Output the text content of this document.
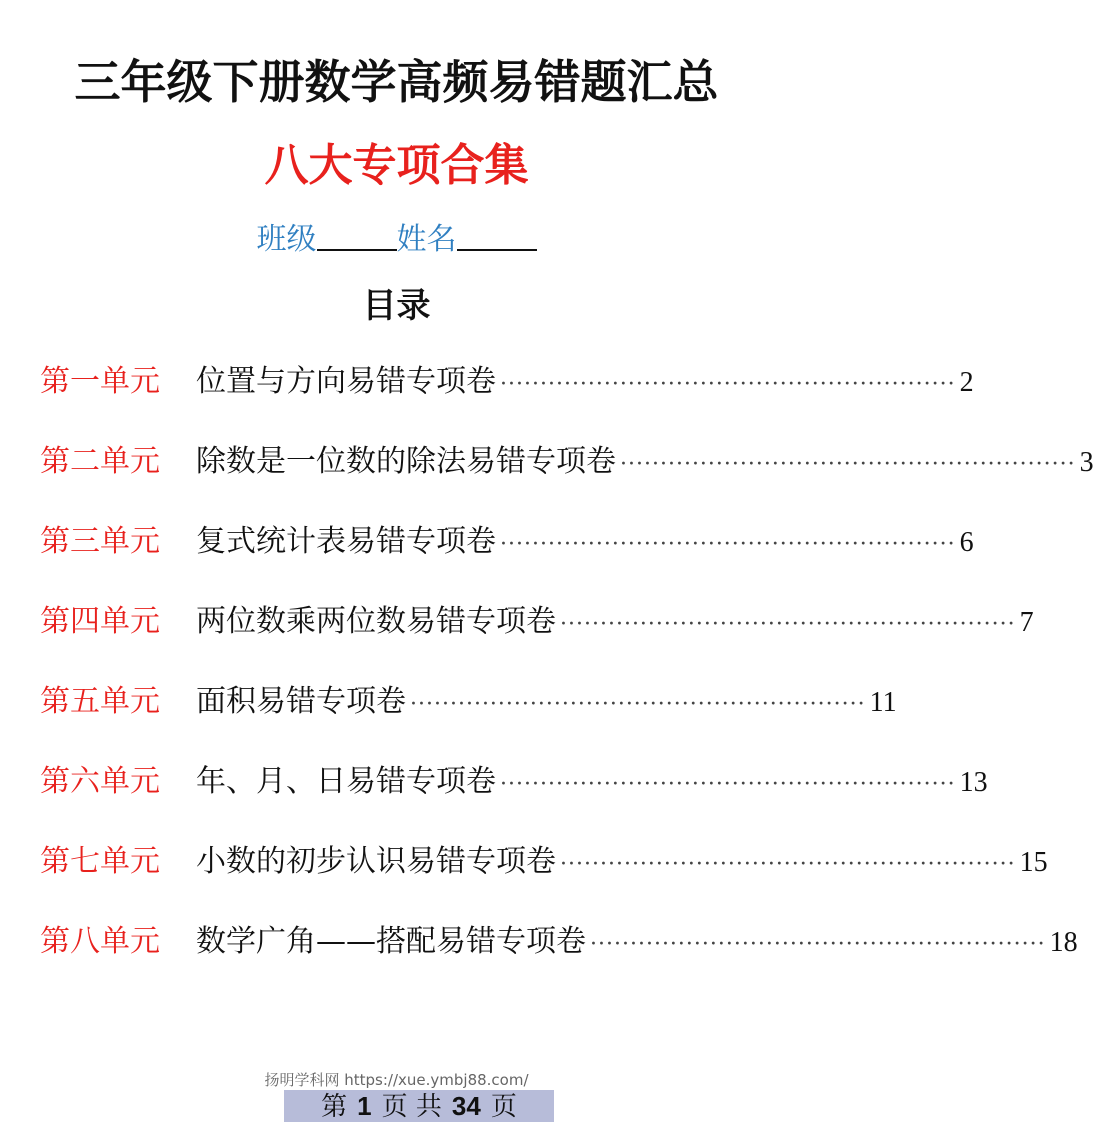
三年级下册数学高频易错题汇总
八大专项合集
班级	姓名
目录
第一单元	位置与方向易错专项卷 ························································· 2
第二单元	除数是一位数的除法易错专项卷 ························································· 3
第三单元	复式统计表易错专项卷 ························································· 6
第四单元	两位数乘两位数易错专项卷 ························································· 7
第五单元	面积易错专项卷 ························································· 11
第六单元	年、月、日易错专项卷 ························································· 13
第七单元	小数的初步认识易错专项卷 ························································· 15
第八单元	数学广角——搭配易错专项卷 ························································· 18
扬明学科网 https://xue.ymbj88.com/
第 1 页 共 34 页
